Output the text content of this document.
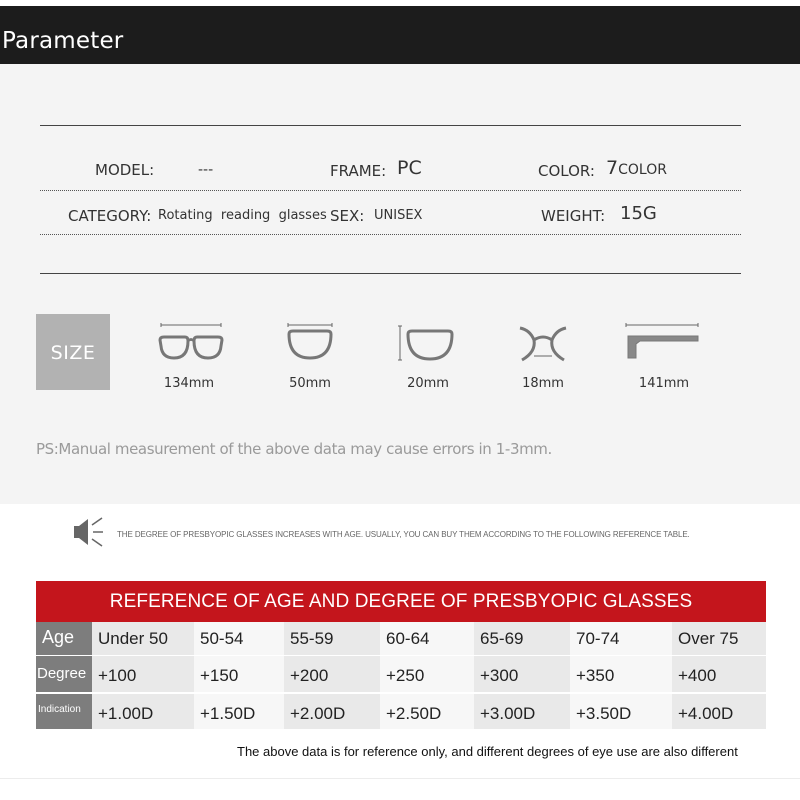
Parameter
MODEL:	---	FRAME: PC	COLOR: 7COLOR
CATEGORY: Rotating  reading  glasses SEX: UNISEX	WEIGHT: 15G
SIZE
134mm	50mm	20mm	18mm	141mm
PS:Manual measurement of the above data may cause errors in 1-3mm.
THE DEGREE OF PRESBYOPIC GLASSES INCREASES WITH AGE. USUALLY, YOU CAN BUY THEM ACCORDING TO THE FOLLOWING REFERENCE TABLE.
REFERENCE OF AGE AND DEGREE OF PRESBYOPIC GLASSES
Age Under 50 50-54	55-59	60-64	65-69	70-74	Over 75
Degree +100	+150	+200	+250	+300	+350	+400
Indication +1.00D	+1.50D +2.00D +2.50D +3.00D +3.50D	+4.00D
The above data is for reference only, and different degrees of eye use are also different
